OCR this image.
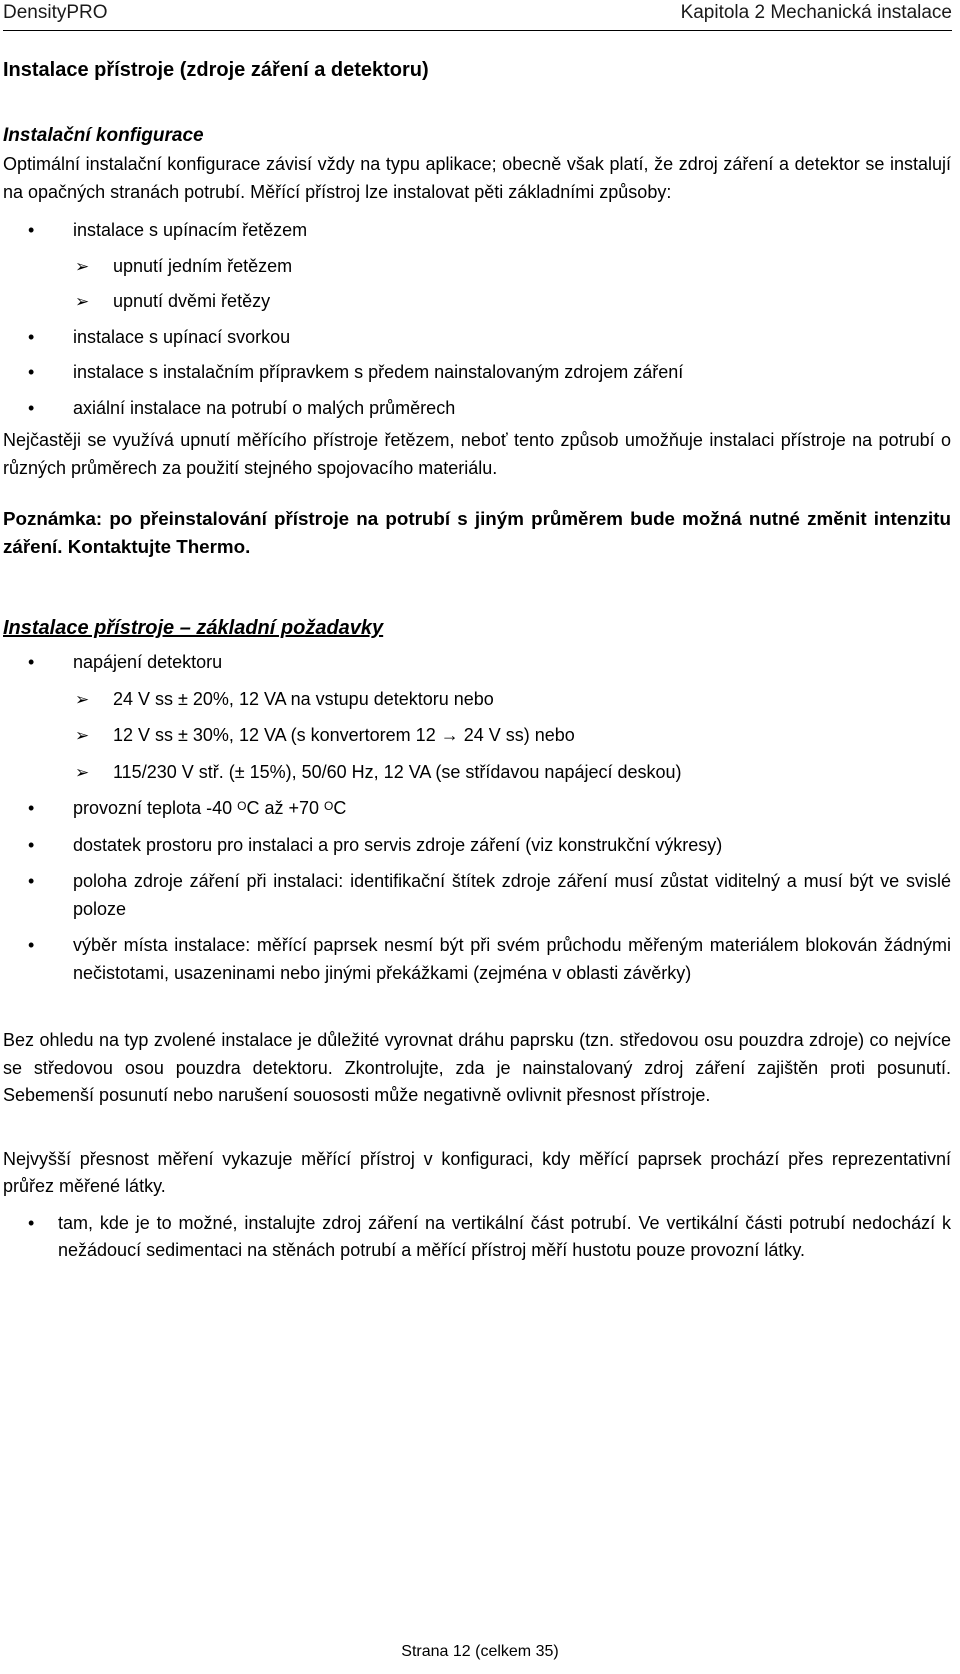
DensityPRO	Kapitola 2 Mechanická instalace
Instalace přístroje (zdroje záření a detektoru)
Instalační konfigurace

Optimální instalační konfigurace závisí vždy na typu aplikace; obecně však platí, že zdroj záření a detektor se instalují na opačných stranách potrubí. Měřící přístroj lze instalovat pěti základními způsoby:

• instalace s upínacím řetězem
➢ upnutí jedním řetězem
➢ upnutí dvěmi řetězy
• instalace s upínací svorkou
• instalace s instalačním přípravkem s předem nainstalovaným zdrojem záření
• axiální instalace na potrubí o malých průměrech

Nejčastěji se využívá upnutí měřícího přístroje řetězem, neboť tento způsob umožňuje instalaci přístroje na potrubí o různých průměrech za použití stejného spojovacího materiálu.

Poznámka: po přeinstalování přístroje na potrubí s jiným průměrem bude možná nutné změnit intenzitu záření. Kontaktujte Thermo.

Instalace přístroje – základní požadavky
• napájení detektoru
➢ 24 V ss ± 20%, 12 VA na vstupu detektoru nebo
➢ 12 V ss ± 30%, 12 VA (s konvertorem 12 → 24 V ss) nebo
➢ 115/230 V stř. (± 15%), 50/60 Hz, 12 VA (se střídavou napájecí deskou)
• provozní teplota -40 $^O$C až +70 $^O$C
• dostatek prostoru pro instalaci a pro servis zdroje záření (viz konstrukční výkresy)
• poloha zdroje záření při instalaci: identifikační štítek zdroje záření musí zůstat viditelný a musí být ve svislé poloze
• výběr místa instalace: měřící paprsek nesmí být při svém průchodu měřeným materiálem blokován žádnými nečistotami, usazeninami nebo jinými překážkami (zejména v oblasti závěrky)

Bez ohledu na typ zvolené instalace je důležité vyrovnat dráhu paprsku (tzn. středovou osu pouzdra zdroje) co nejvíce se středovou osou pouzdra detektoru. Zkontrolujte, zda je nainstalovaný zdroj záření zajištěn proti posunutí. Sebemenší posunutí nebo narušení souososti může negativně ovlivnit přesnost přístroje.

Nejvyšší přesnost měření vykazuje měřící přístroj v konfiguraci, kdy měřící paprsek prochází přes reprezentativní průřez měřené látky.

• tam, kde je to možné, instalujte zdroj záření na vertikální část potrubí. Ve vertikální části potrubí nedochází k nežádoucí sedimentaci na stěnách potrubí a měřící přístroj měří hustotu pouze provozní látky.
Strana 12 (celkem 35)
